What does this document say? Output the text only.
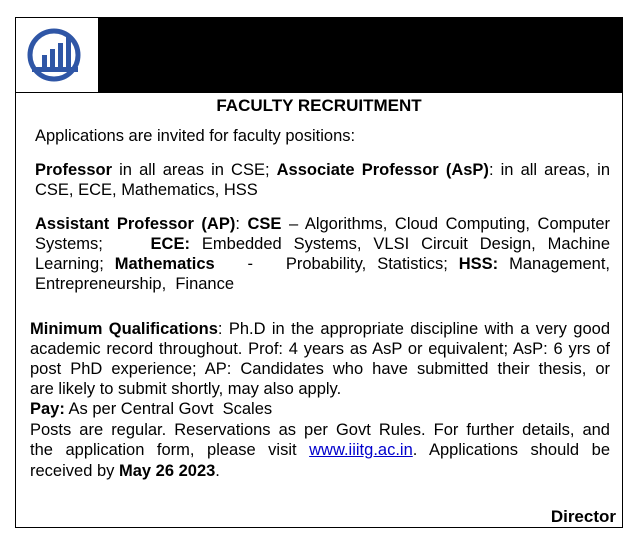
FACULTY RECRUITMENT
Applications are invited for faculty positions:
Professor in all areas in CSE; Associate Professor (AsP): in all areas, in
CSE, ECE, Mathematics, HSS
Assistant Professor (AP): CSE – Algorithms, Cloud Computing, Computer
Systems;    ECE: Embedded Systems, VLSI Circuit Design, Machine
Learning; Mathematics   -   Probability, Statistics; HSS: Management,
Entrepreneurship,  Finance
Minimum Qualifications: Ph.D in the appropriate discipline with a very good
academic record throughout. Prof: 4 years as AsP or equivalent; AsP: 6 yrs of
post PhD experience; AP: Candidates who have submitted their thesis, or
are likely to submit shortly, may also apply.
Pay: As per Central Govt  Scales
Posts are regular. Reservations as per Govt Rules. For further details, and
the application form, please visit www.iiitg.ac.in. Applications should be
received by May 26 2023.
Director
